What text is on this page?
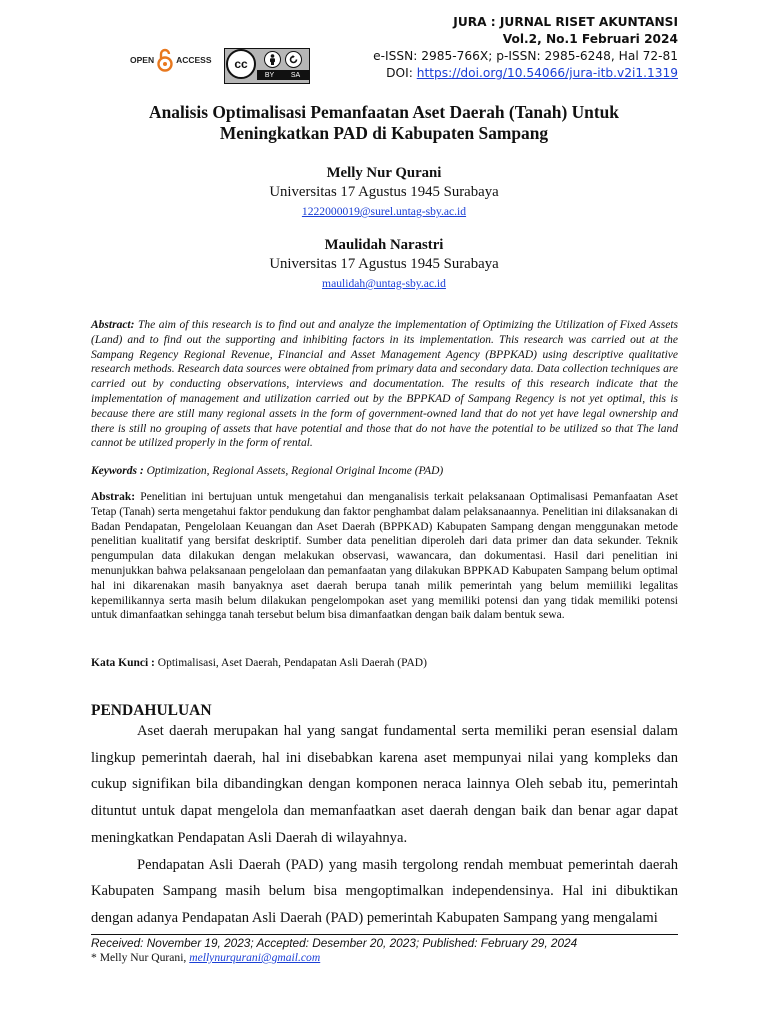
JURA : JURNAL RISET AKUNTANSI
Vol.2, No.1 Februari 2024
e-ISSN: 2985-766X; p-ISSN: 2985-6248, Hal 72-81
DOI: https://doi.org/10.54066/jura-itb.v2i1.1319
OPEN	ACCESS	cc
BY SA
Analisis Optimalisasi Pemanfaatan Aset Daerah (Tanah) Untuk
Meningkatkan PAD di Kabupaten Sampang
Melly Nur Qurani
Universitas 17 Agustus 1945 Surabaya
1222000019@surel.untag-sby.ac.id
Maulidah Narastri
Universitas 17 Agustus 1945 Surabaya
maulidah@untag-sby.ac.id
Abstract: The aim of this research is to find out and analyze the implementation of Optimizing the Utilization of Fixed Assets (Land) and to find out the supporting and inhibiting factors in its implementation. This research was carried out at the Sampang Regency Regional Revenue, Financial and Asset Management Agency (BPPKAD) using descriptive qualitative research methods. Research data sources were obtained from primary data and secondary data. Data collection techniques are carried out by conducting observations, interviews and documentation. The results of this research indicate that the implementation of management and utilization carried out by the BPPKAD of Sampang Regency is not yet optimal, this is because there are still many regional assets in the form of government-owned land that do not yet have legal ownership and there is still no grouping of assets that have potential and those that do not have the potential to be utilized so that The land cannot be utilized properly in the form of rental.
Keywords : Optimization, Regional Assets, Regional Original Income (PAD)
Abstrak: Penelitian ini bertujuan untuk mengetahui dan menganalisis terkait pelaksanaan Optimalisasi Pemanfaatan Aset Tetap (Tanah) serta mengetahui faktor pendukung dan faktor penghambat dalam pelaksanaannya. Penelitian ini dilaksanakan di Badan Pendapatan, Pengelolaan Keuangan dan Aset Daerah (BPPKAD) Kabupaten Sampang dengan menggunakan metode penelitian kualitatif yang bersifat deskriptif. Sumber data penelitian diperoleh dari data primer dan data sekunder. Teknik pengumpulan data dilakukan dengan melakukan observasi, wawancara, dan dokumentasi. Hasil dari penelitian ini menunjukkan bahwa pelaksanaan pengelolaan dan pemanfaatan yang dilakukan BPPKAD Kabupaten Sampang belum optimal hal ini dikarenakan masih banyaknya aset daerah berupa tanah milik pemerintah yang belum memiiliki legalitas kepemilikannya serta masih belum dilakukan pengelompokan aset yang memiliki potensi dan yang tidak memiliki potensi untuk dimanfaatkan sehingga tanah tersebut belum bisa dimanfaatkan dengan baik dalam bentuk sewa.
Kata Kunci : Optimalisasi, Aset Daerah, Pendapatan Asli Daerah (PAD)
PENDAHULUAN

Aset daerah merupakan hal yang sangat fundamental serta memiliki peran esensial dalam lingkup pemerintah daerah, hal ini disebabkan karena aset mempunyai nilai yang kompleks dan cukup signifikan bila dibandingkan dengan komponen neraca lainnya Oleh sebab itu, pemerintah dituntut untuk dapat mengelola dan memanfaatkan aset daerah dengan baik dan benar agar dapat meningkatkan Pendapatan Asli Daerah di wilayahnya.

Pendapatan Asli Daerah (PAD) yang masih tergolong rendah membuat pemerintah daerah Kabupaten Sampang masih belum bisa mengoptimalkan independensinya. Hal ini dibuktikan dengan adanya Pendapatan Asli Daerah (PAD) pemerintah Kabupaten Sampang yang mengalami

Received: November 19, 2023; Accepted: Desember 20, 2023; Published: February 29, 2024
* Melly Nur Qurani, mellynurqurani@gmail.com
